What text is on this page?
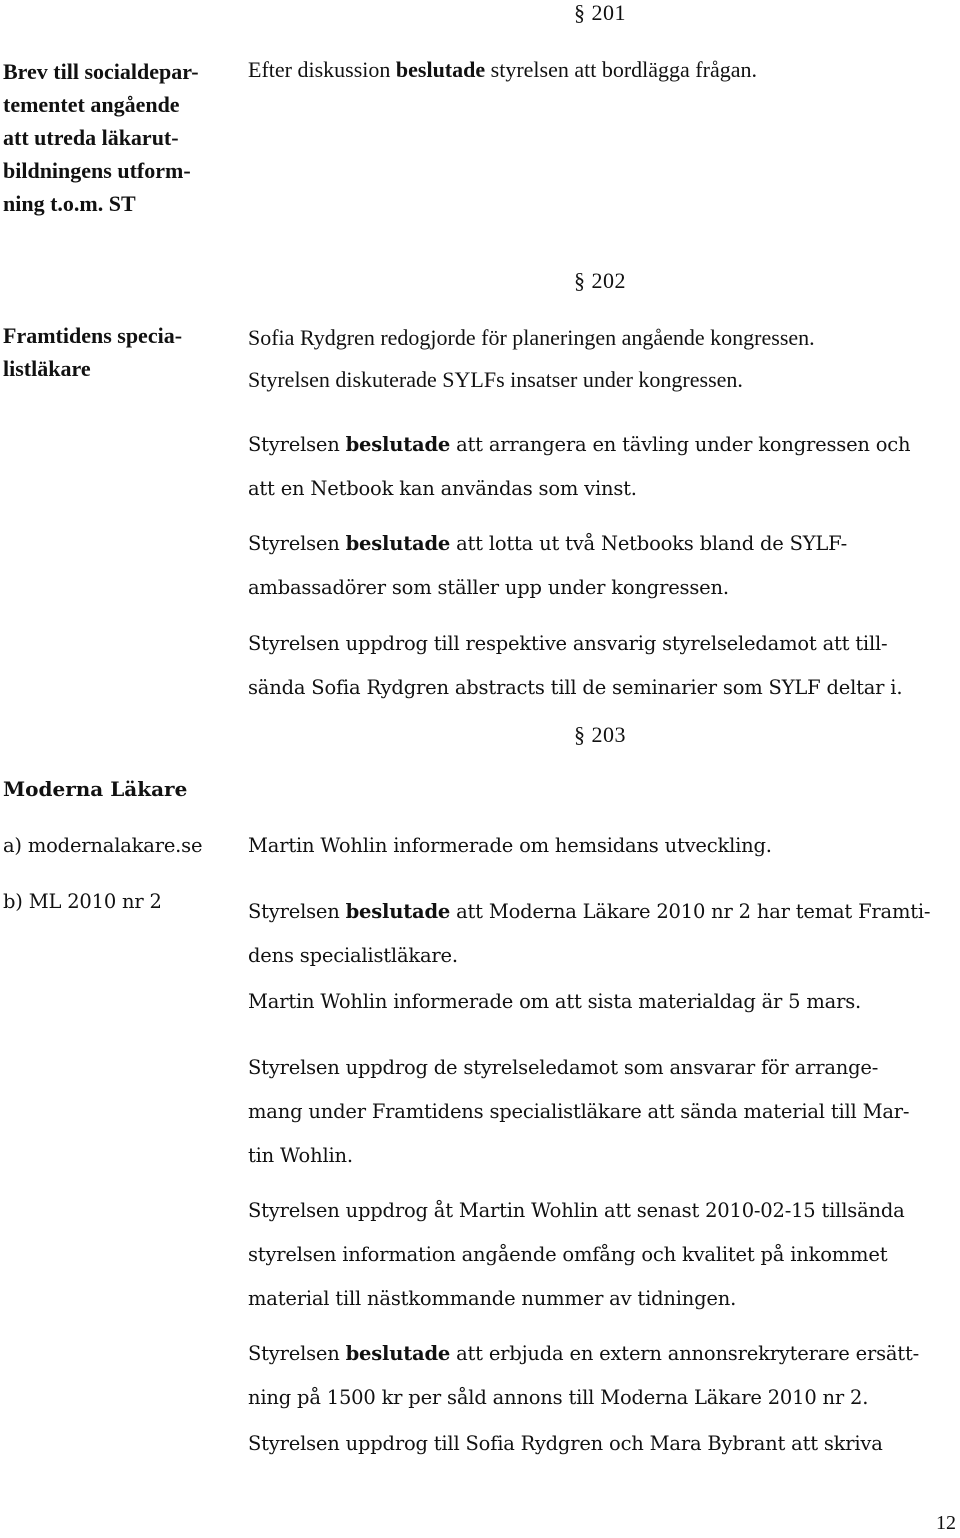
§ 201
§ 202
§ 203
Brev till socialdepar-
tementet angående
att utreda läkarut-
bildningens utform-
ning t.o.m. ST
Framtidens specia-
listläkare
Moderna Läkare
a) modernalakare.se
b) ML 2010 nr 2
Efter diskussion beslutade styrelsen att bordlägga frågan.
Sofia Rydgren redogjorde för planeringen angående kongressen.
Styrelsen diskuterade SYLFs insatser under kongressen.
Styrelsen beslutade att arrangera en tävling under kongressen och
att en Netbook kan användas som vinst.
Styrelsen beslutade att lotta ut två Netbooks bland de SYLF-
ambassadörer som ställer upp under kongressen.
Styrelsen uppdrog till respektive ansvarig styrelseledamot att till-
sända Sofia Rydgren abstracts till de seminarier som SYLF deltar i.
Martin Wohlin informerade om hemsidans utveckling.
Styrelsen beslutade att Moderna Läkare 2010 nr 2 har temat Framti-
dens specialistläkare.
Martin Wohlin informerade om att sista materialdag är 5 mars.
Styrelsen uppdrog de styrelseledamot som ansvarar för arrange-
mang under Framtidens specialistläkare att sända material till Mar-
tin Wohlin.
Styrelsen uppdrog åt Martin Wohlin att senast 2010-02-15 tillsända
styrelsen information angående omfång och kvalitet på inkommet
material till nästkommande nummer av tidningen.
Styrelsen beslutade att erbjuda en extern annonsrekryterare ersätt-
ning på 1500 kr per såld annons till Moderna Läkare 2010 nr 2.
Styrelsen uppdrog till Sofia Rydgren och Mara Bybrant att skriva
12
